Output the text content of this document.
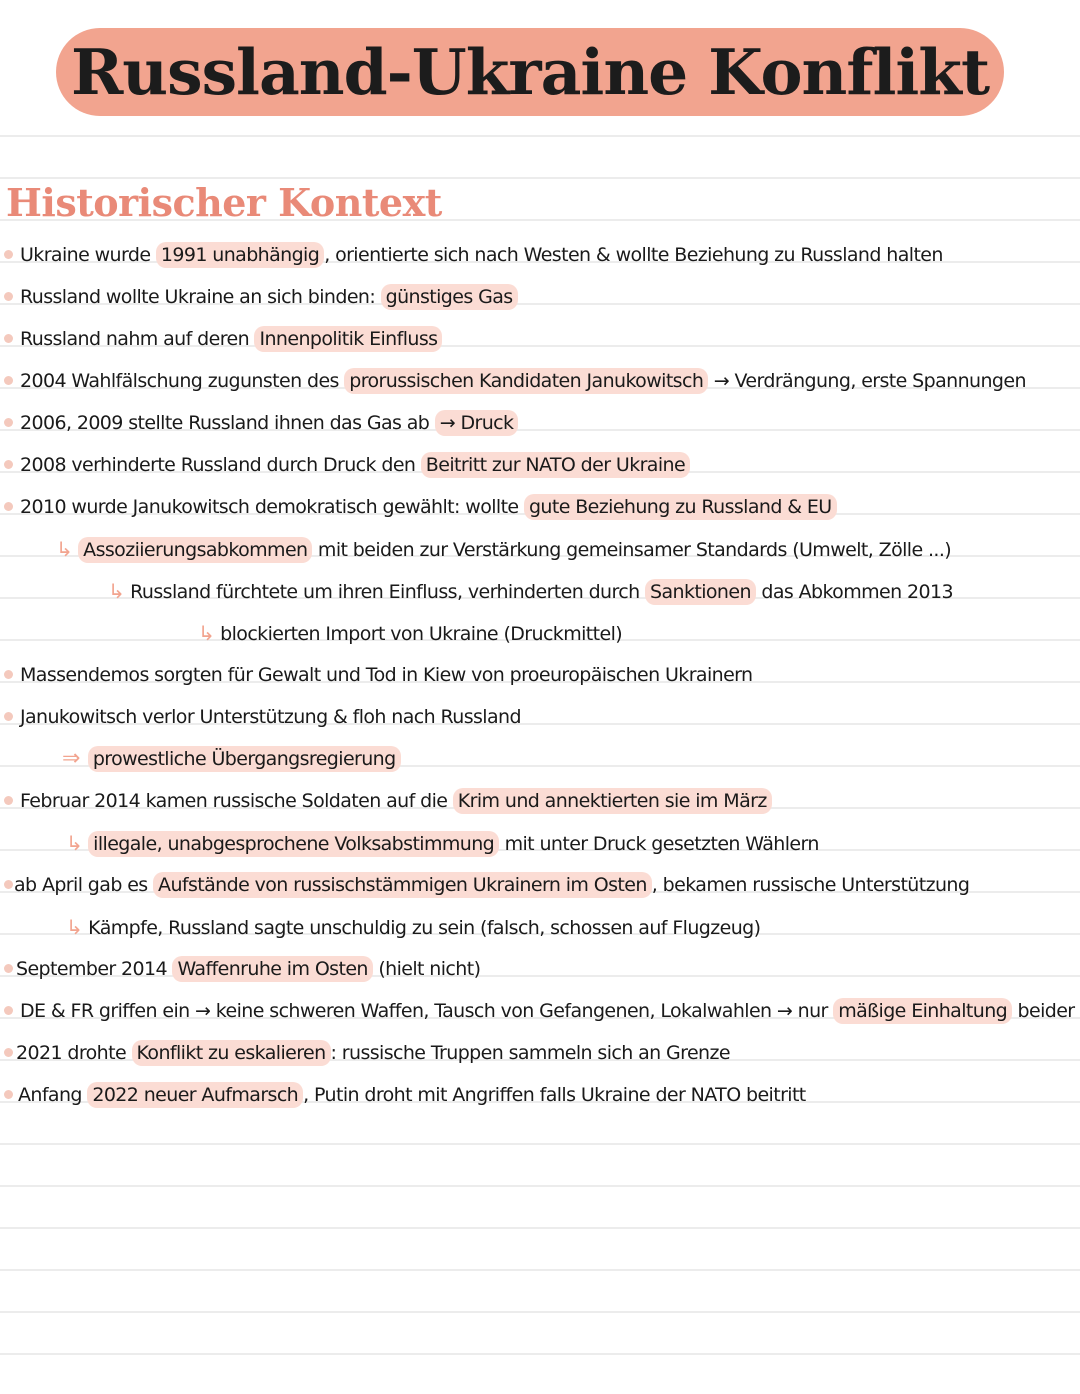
Russland-Ukraine Konflikt
Historischer Kontext
Ukraine wurde 1991 unabhängig , orientierte sich nach Westen & wollte Beziehung zu Russland halten
Russland wollte Ukraine an sich binden: günstiges Gas
Russland nahm auf deren Innenpolitik Einfluss
2004 Wahlfälschung zugunsten des prorussischen Kandidaten Janukowitsch → Verdrängung, erste Spannungen
2006, 2009 stellte Russland ihnen das Gas ab → Druck
2008 verhinderte Russland durch Druck den Beitritt zur NATO der Ukraine
2010 wurde Janukowitsch demokratisch gewählt: wollte gute Beziehung zu Russland & EU
↳ Assoziierungsabkommen mit beiden zur Verstärkung gemeinsamer Standards (Umwelt, Zölle ...)
↳ Russland fürchtete um ihren Einfluss, verhinderten durch Sanktionen das Abkommen 2013
↳ blockierten Import von Ukraine (Druckmittel)
Massendemos sorgten für Gewalt und Tod in Kiew von proeuropäischen Ukrainern
Janukowitsch verlor Unterstützung & floh nach Russland
⇒ prowestliche Übergangsregierung
Februar 2014 kamen russische Soldaten auf die Krim und annektierten sie im März
↳ illegale, unabgesprochene Volksabstimmung mit unter Druck gesetzten Wählern
ab April gab es Aufstände von russischstämmigen Ukrainern im Osten , bekamen russische Unterstützung
↳ Kämpfe, Russland sagte unschuldig zu sein (falsch, schossen auf Flugzeug)
September 2014 Waffenruhe im Osten (hielt nicht)
DE & FR griffen ein → keine schweren Waffen, Tausch von Gefangenen, Lokalwahlen → nur mäßige Einhaltung beider
2021 drohte Konflikt zu eskalieren : russische Truppen sammeln sich an Grenze
Anfang 2022 neuer Aufmarsch , Putin droht mit Angriffen falls Ukraine der NATO beitritt
